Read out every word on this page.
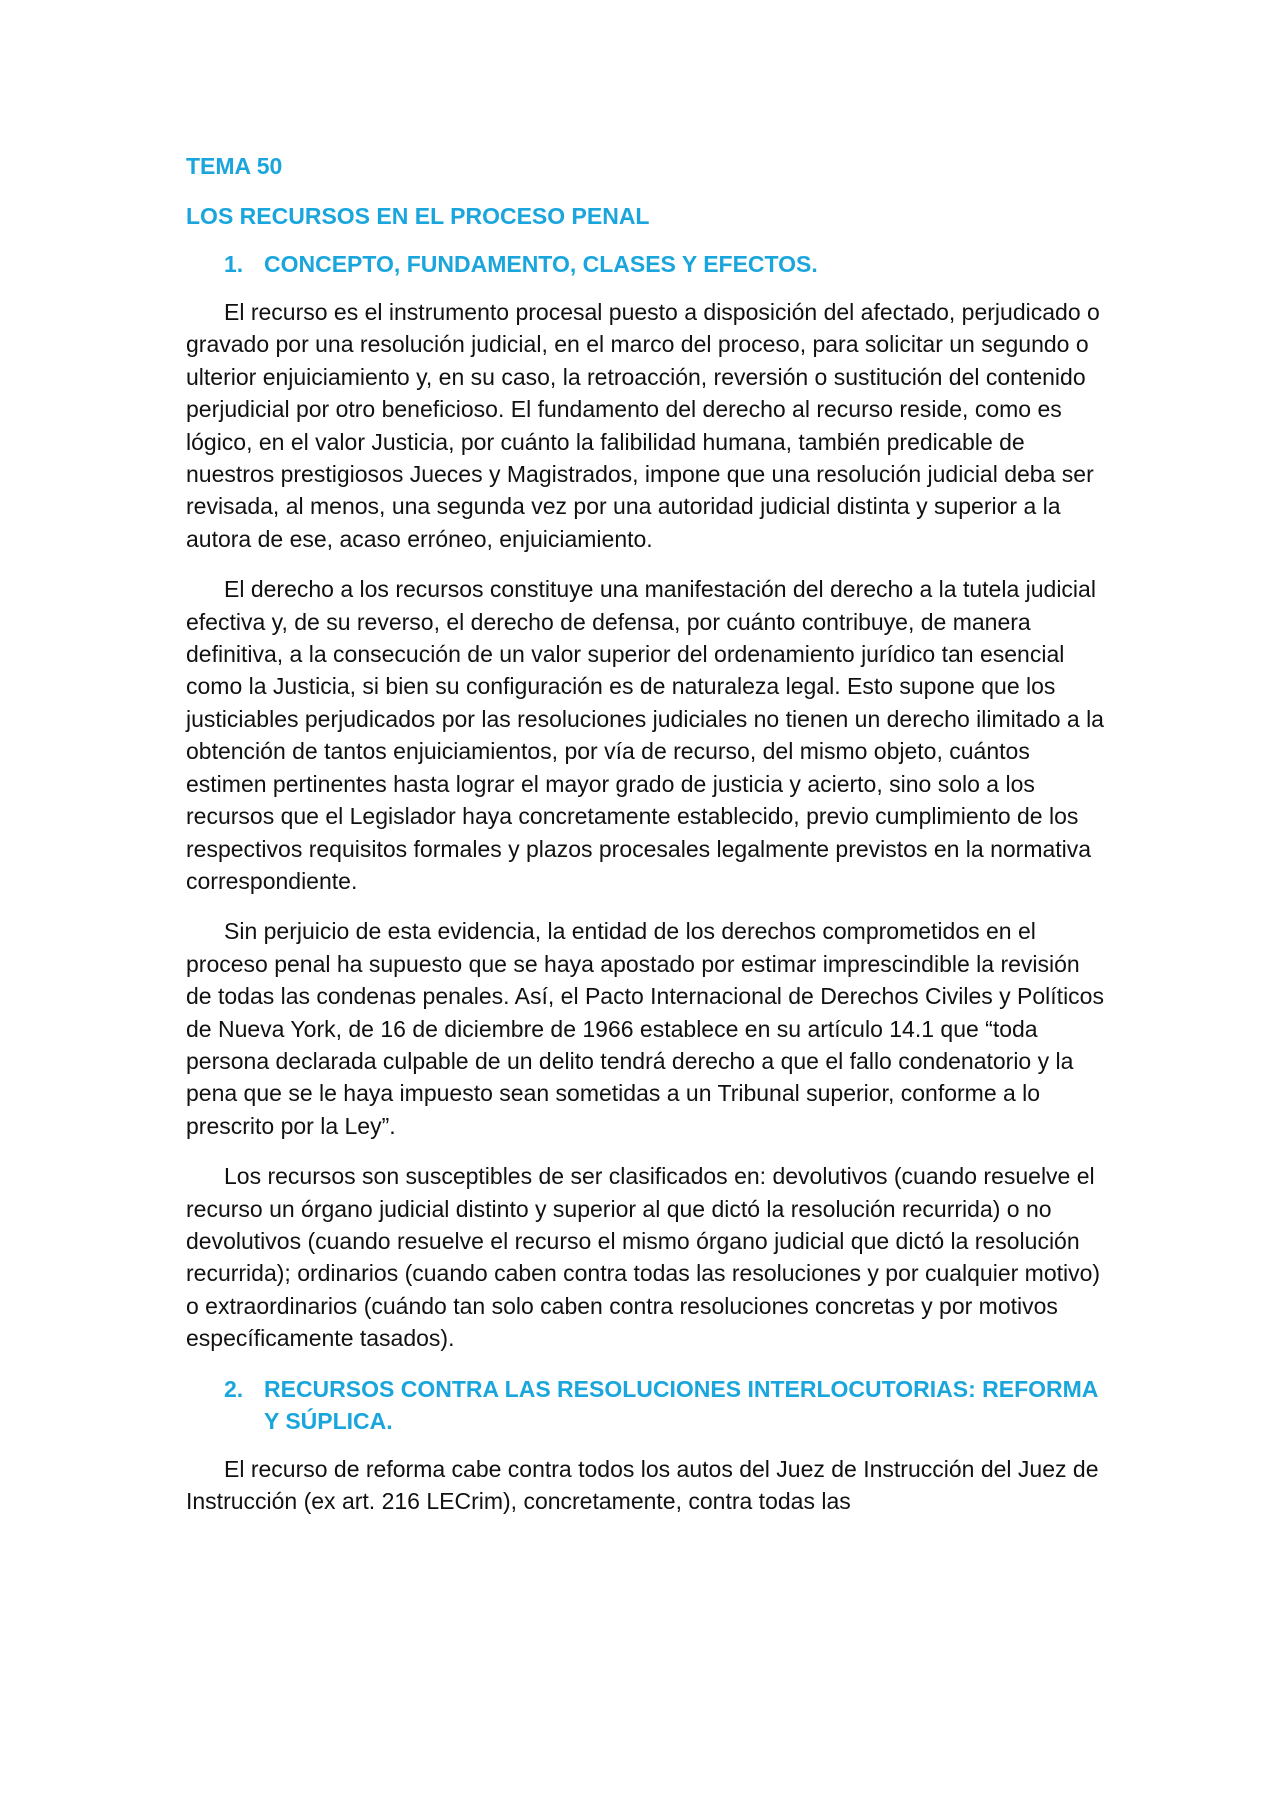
TEMA 50
LOS RECURSOS EN EL PROCESO PENAL
1. CONCEPTO, FUNDAMENTO, CLASES Y EFECTOS.

El recurso es el instrumento procesal puesto a disposición del afectado, perjudicado o gravado por una resolución judicial, en el marco del proceso, para solicitar un segundo o ulterior enjuiciamiento y, en su caso, la retroacción, reversión o sustitución del contenido perjudicial por otro beneficioso. El fundamento del derecho al recurso reside, como es lógico, en el valor Justicia, por cuánto la falibilidad humana, también predicable de nuestros prestigiosos Jueces y Magistrados, impone que una resolución judicial deba ser revisada, al menos, una segunda vez por una autoridad judicial distinta y superior a la autora de ese, acaso erróneo, enjuiciamiento.

El derecho a los recursos constituye una manifestación del derecho a la tutela judicial efectiva y, de su reverso, el derecho de defensa, por cuánto contribuye, de manera definitiva, a la consecución de un valor superior del ordenamiento jurídico tan esencial como la Justicia, si bien su configuración es de naturaleza legal. Esto supone que los justiciables perjudicados por las resoluciones judiciales no tienen un derecho ilimitado a la obtención de tantos enjuiciamientos, por vía de recurso, del mismo objeto, cuántos estimen pertinentes hasta lograr el mayor grado de justicia y acierto, sino solo a los recursos que el Legislador haya concretamente establecido, previo cumplimiento de los respectivos requisitos formales y plazos procesales legalmente previstos en la normativa correspondiente.

Sin perjuicio de esta evidencia, la entidad de los derechos comprometidos en el proceso penal ha supuesto que se haya apostado por estimar imprescindible la revisión de todas las condenas penales. Así, el Pacto Internacional de Derechos Civiles y Políticos de Nueva York, de 16 de diciembre de 1966 establece en su artículo 14.1 que “toda persona declarada culpable de un delito tendrá derecho a que el fallo condenatorio y la pena que se le haya impuesto sean sometidas a un Tribunal superior, conforme a lo prescrito por la Ley”.

Los recursos son susceptibles de ser clasificados en: devolutivos (cuando resuelve el recurso un órgano judicial distinto y superior al que dictó la resolución recurrida) o no devolutivos (cuando resuelve el recurso el mismo órgano judicial que dictó la resolución recurrida); ordinarios (cuando caben contra todas las resoluciones y por cualquier motivo) o extraordinarios (cuándo tan solo caben contra resoluciones concretas y por motivos específicamente tasados).

2. RECURSOS CONTRA LAS RESOLUCIONES INTERLOCUTORIAS: REFORMA Y SÚPLICA.

El recurso de reforma cabe contra todos los autos del Juez de Instrucción del Juez de Instrucción (ex art. 216 LECrim), concretamente, contra todas las
